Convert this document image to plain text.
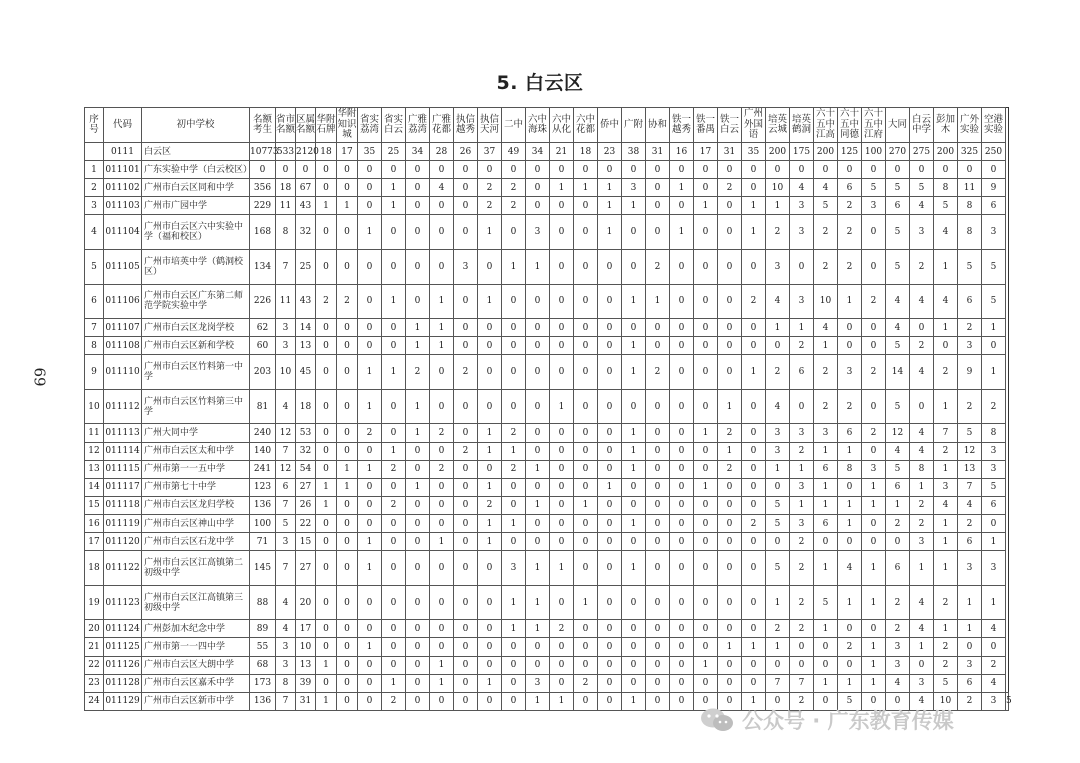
5. 白云区
69
序号	代码	初中学校	名额考生	省市名额	区属名额	华附石牌	华附知识城	省实荔湾	省实白云	广雅荔湾	广雅花都	执信越秀	执信天河	二中	六中海珠	六中从化	六中花都	侨中	广附	协和	铁一越秀	铁一番禺	铁一白云	广州外国语	培英云城	培英鹤洞	六十五中江高	六十五中同德	六十五中江府	大同	白云中学	彭加木	广外实验	空港实验	
	0111	白云区	10773	533	2120	18	17	35	25	34	28	26	37	49	34	21	18	23	38	31	16	17	31	35	200	175	200	125	100	270	275	200	325	250	
1	011101	广东实验中学（白云校区）	0	0	0	0	0	0	0	0	0	0	0	0	0	0	0	0	0	0	0	0	0	0	0	0	0	0	0	0	0	0	0	0	
2	011102	广州市白云区同和中学	356	18	67	0	0	0	1	0	4	0	2	2	0	1	1	1	3	0	1	0	2	0	10	4	4	6	5	5	5	8	11	9	
3	011103	广州市广园中学	229	11	43	1	1	0	1	0	0	0	2	2	0	0	0	1	1	0	0	1	0	1	1	3	5	2	3	6	4	5	8	6	
4	011104	广州市白云区六中实验中学（福和校区）	168	8	32	0	0	1	0	0	0	0	1	0	3	0	0	1	0	0	1	0	0	1	2	3	2	2	0	5	3	4	8	3	
5	011105	广州市培英中学（鹤洞校区）	134	7	25	0	0	0	0	0	0	3	0	1	1	0	0	0	0	2	0	0	0	0	3	0	2	2	0	5	2	1	5	5	
6	011106	广州市白云区广东第二师范学院实验中学	226	11	43	2	2	0	1	0	1	0	1	0	0	0	0	0	1	1	0	0	0	2	4	3	10	1	2	4	4	4	6	5	
7	011107	广州市白云区龙岗学校	62	3	14	0	0	0	0	1	1	0	0	0	0	0	0	0	0	0	0	0	0	0	1	1	4	0	0	4	0	1	2	1	
8	011108	广州市白云区新和学校	60	3	13	0	0	0	0	1	1	0	0	0	0	0	0	0	1	0	0	0	0	0	0	2	1	0	0	5	2	0	3	0	
9	011110	广州市白云区竹料第一中学	203	10	45	0	0	1	1	2	0	2	0	0	0	0	0	0	1	2	0	0	0	1	2	6	2	3	2	14	4	2	9	1	
10	011112	广州市白云区竹料第三中学	81	4	18	0	0	1	0	1	0	0	0	0	0	1	0	0	0	0	0	0	1	0	4	0	2	2	0	5	0	1	2	2	
11	011113	广州大同中学	240	12	53	0	0	2	0	1	2	0	1	2	0	0	0	0	1	0	0	1	2	0	3	3	3	6	2	12	4	7	5	8	
12	011114	广州市白云区太和中学	140	7	32	0	0	0	1	0	0	2	1	1	0	0	0	0	1	0	0	0	1	0	3	2	1	1	0	4	4	2	12	3	
13	011115	广州市第一一五中学	241	12	54	0	1	1	2	0	2	0	0	2	1	0	0	0	1	0	0	0	2	0	1	1	6	8	3	5	8	1	13	3	
14	011117	广州市第七十中学	123	6	27	1	1	0	0	1	0	0	1	0	0	0	0	1	0	0	0	1	0	0	0	3	1	0	1	6	1	3	7	5	
15	011118	广州市白云区龙归学校	136	7	26	1	0	0	2	0	0	0	2	0	1	0	1	0	0	0	0	0	0	0	5	1	1	1	1	1	2	4	4	6	
16	011119	广州市白云区神山中学	100	5	22	0	0	0	0	0	0	0	1	1	0	0	0	0	1	0	0	0	0	2	5	3	6	1	0	2	2	1	2	0	
17	011120	广州市白云区石龙中学	71	3	15	0	0	1	0	0	1	0	1	0	0	0	0	0	0	0	0	0	0	0	0	2	0	0	0	0	3	1	6	1	
18	011122	广州市白云区江高镇第二初级中学	145	7	27	0	0	1	0	0	0	0	0	3	1	1	0	0	1	0	0	0	0	0	5	2	1	4	1	6	1	1	3	3	
19	011123	广州市白云区江高镇第三初级中学	88	4	20	0	0	0	0	0	0	0	0	1	1	0	1	0	0	0	0	0	0	0	1	2	5	1	1	2	4	2	1	1	
20	011124	广州彭加木纪念中学	89	4	17	0	0	0	0	0	0	0	0	1	1	2	0	0	0	0	0	0	0	0	2	2	1	0	0	2	4	1	1	4	
21	011125	广州市第一一四中学	55	3	10	0	0	1	0	0	0	0	0	0	0	0	0	0	0	0	0	0	1	1	1	0	0	2	1	3	1	2	0	0	
22	011126	广州市白云区大朗中学	68	3	13	1	0	0	0	0	1	0	0	0	0	0	0	0	0	0	0	1	0	0	0	0	0	0	1	3	0	2	3	2	
23	011128	广州市白云区嘉禾中学	173	8	39	0	0	0	1	0	1	0	1	0	3	0	2	0	0	0	0	0	0	0	7	7	1	1	1	4	3	5	6	4	
24	011129	广州市白云区新市中学	136	7	31	1	0	0	2	0	0	0	0	0	1	1	0	0	1	0	0	0	0	1	0	2	0	5	0	0	4	10	2	3	5
公众号 · 广东教育传媒
